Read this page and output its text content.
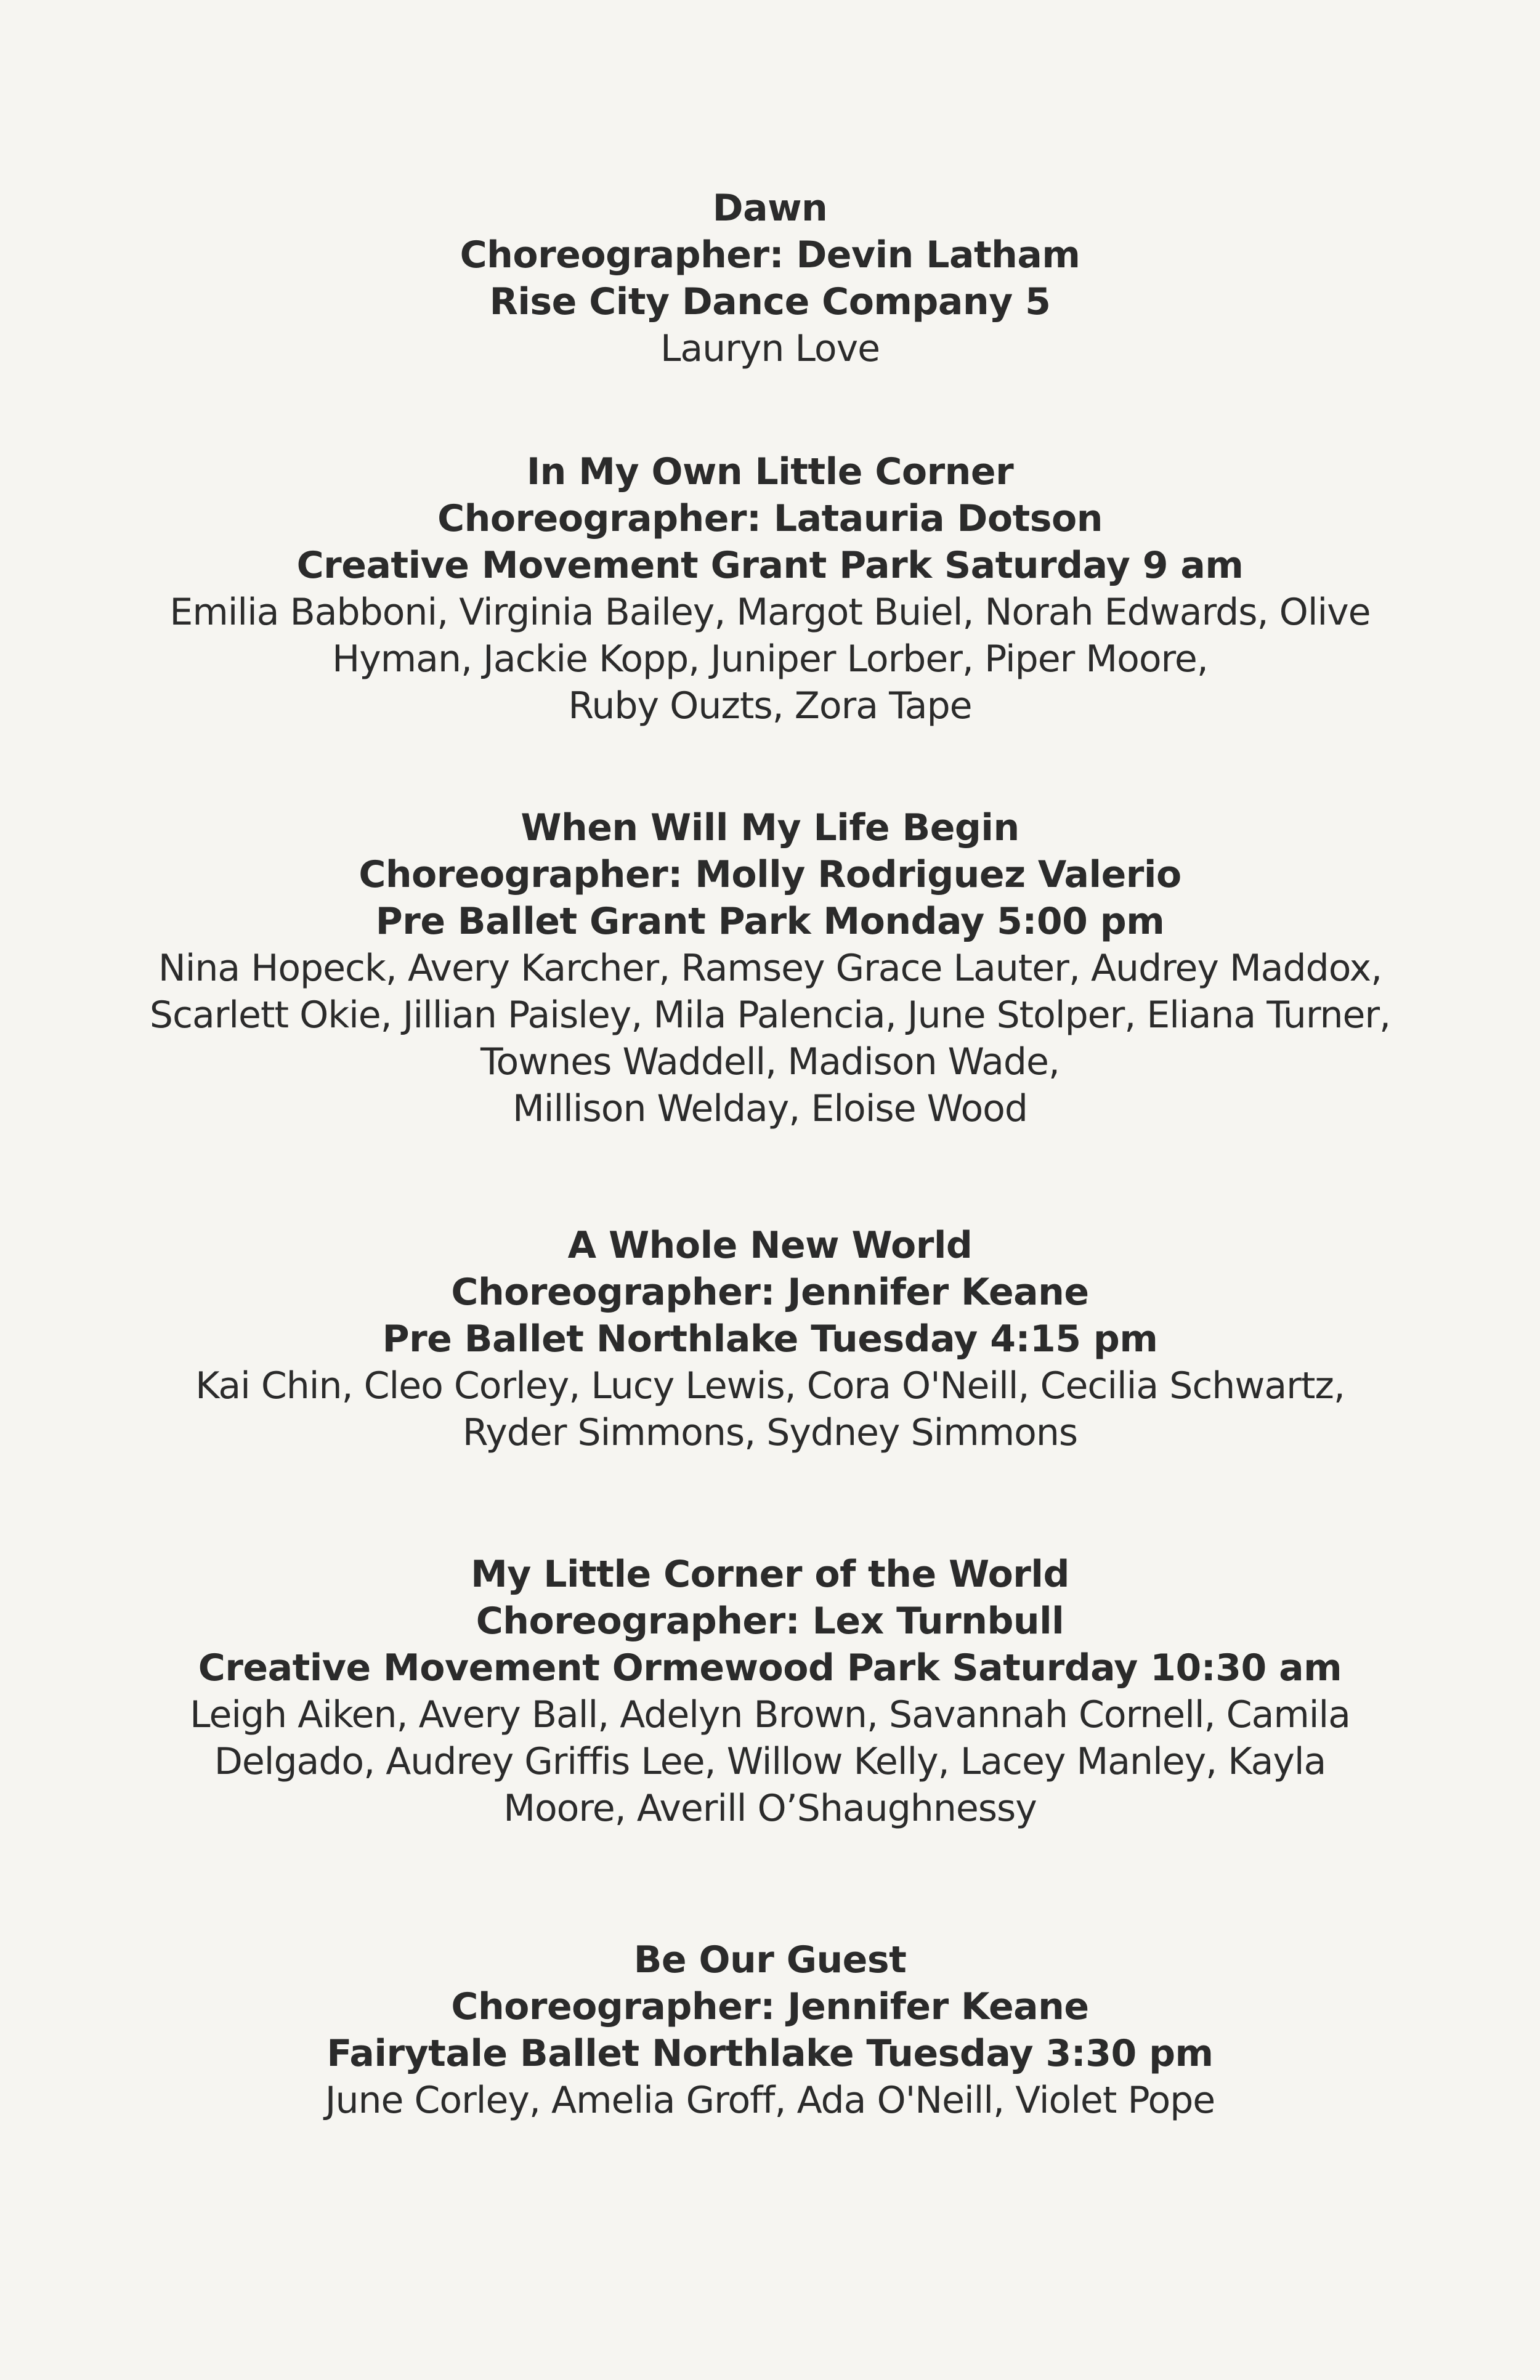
Dawn
Choreographer: Devin Latham
Rise City Dance Company 5
Lauryn Love
In My Own Little Corner
Choreographer: Latauria Dotson
Creative Movement Grant Park Saturday 9 am
Emilia Babboni, Virginia Bailey, Margot Buiel, Norah Edwards, Olive
Hyman, Jackie Kopp, Juniper Lorber, Piper Moore,
Ruby Ouzts, Zora Tape
When Will My Life Begin
Choreographer: Molly Rodriguez Valerio
Pre Ballet Grant Park Monday 5:00 pm
Nina Hopeck, Avery Karcher, Ramsey Grace Lauter, Audrey Maddox,
Scarlett Okie, Jillian Paisley, Mila Palencia, June Stolper, Eliana Turner,
Townes Waddell, Madison Wade,
Millison Welday, Eloise Wood
A Whole New World
Choreographer: Jennifer Keane
Pre Ballet Northlake Tuesday 4:15 pm
Kai Chin, Cleo Corley, Lucy Lewis, Cora O'Neill, Cecilia Schwartz,
Ryder Simmons, Sydney Simmons
My Little Corner of the World
Choreographer: Lex Turnbull
Creative Movement Ormewood Park Saturday 10:30 am
Leigh Aiken, Avery Ball, Adelyn Brown, Savannah Cornell, Camila
Delgado, Audrey Griffis Lee, Willow Kelly, Lacey Manley, Kayla
Moore, Averill O’Shaughnessy
Be Our Guest
Choreographer: Jennifer Keane
Fairytale Ballet Northlake Tuesday 3:30 pm
June Corley, Amelia Groff, Ada O'Neill, Violet Pope
